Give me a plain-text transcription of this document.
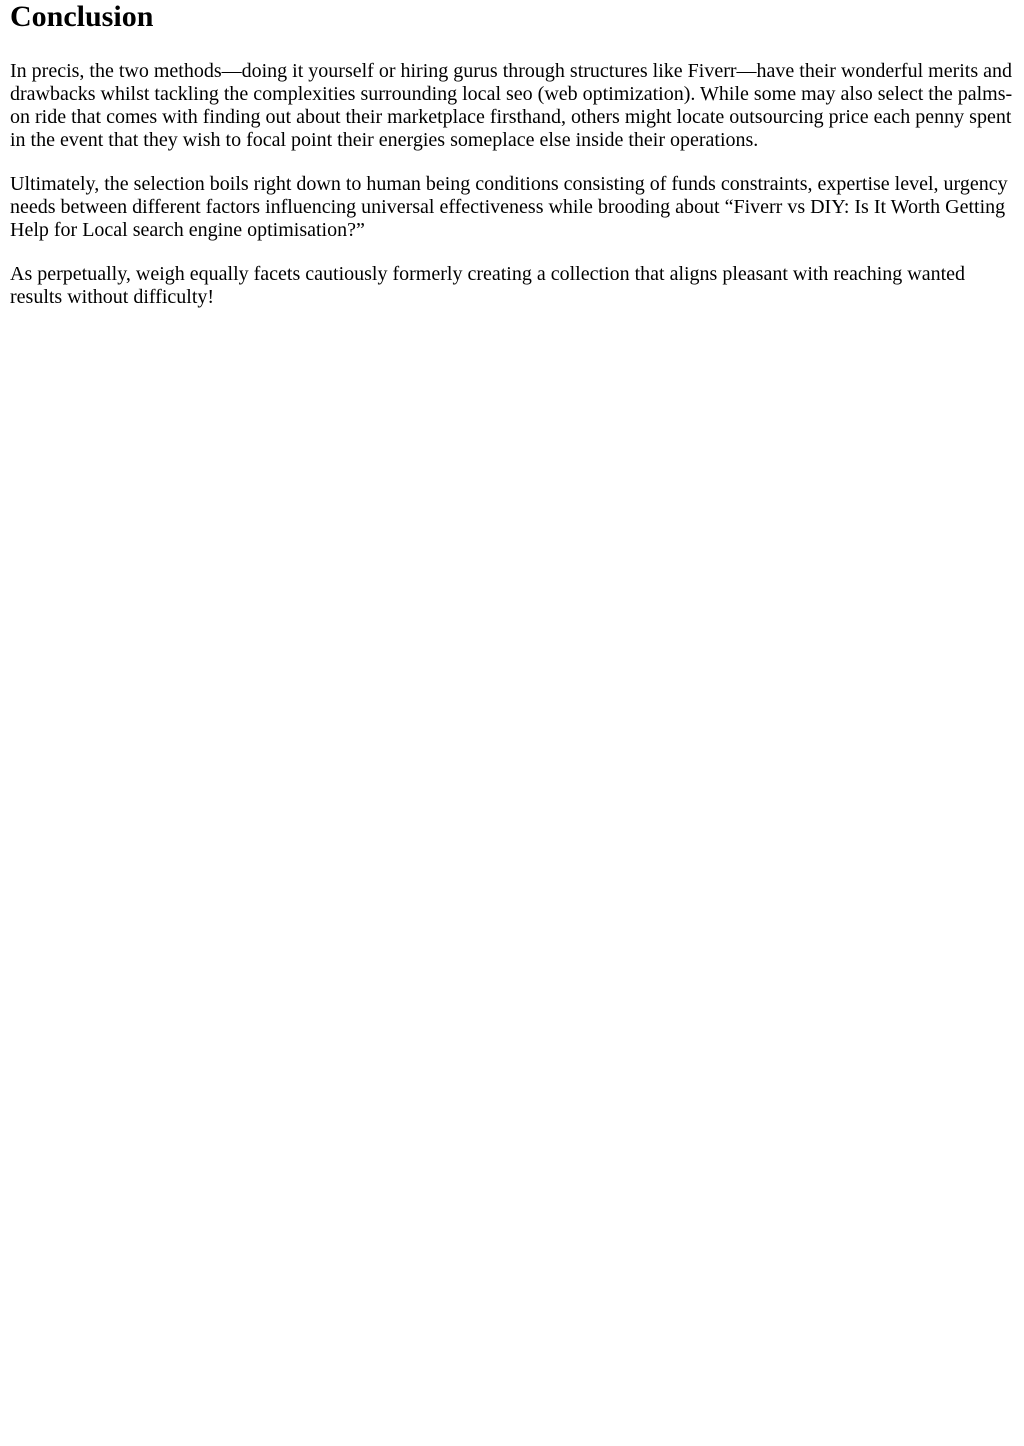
Conclusion

In precis, the two methods—doing it yourself or hiring gurus through structures like Fiverr—have their wonderful merits and drawbacks whilst tackling the complexities surrounding local seo (web optimization). While some may also select the palms-on ride that comes with finding out about their marketplace firsthand, others might locate outsourcing price each penny spent in the event that they wish to focal point their energies someplace else inside their operations.

Ultimately, the selection boils right down to human being conditions consisting of funds constraints, expertise level, urgency needs between different factors influencing universal effectiveness while brooding about “Fiverr vs DIY: Is It Worth Getting Help for Local search engine optimisation?”

As perpetually, weigh equally facets cautiously formerly creating a collection that aligns pleasant with reaching wanted results without difficulty!
